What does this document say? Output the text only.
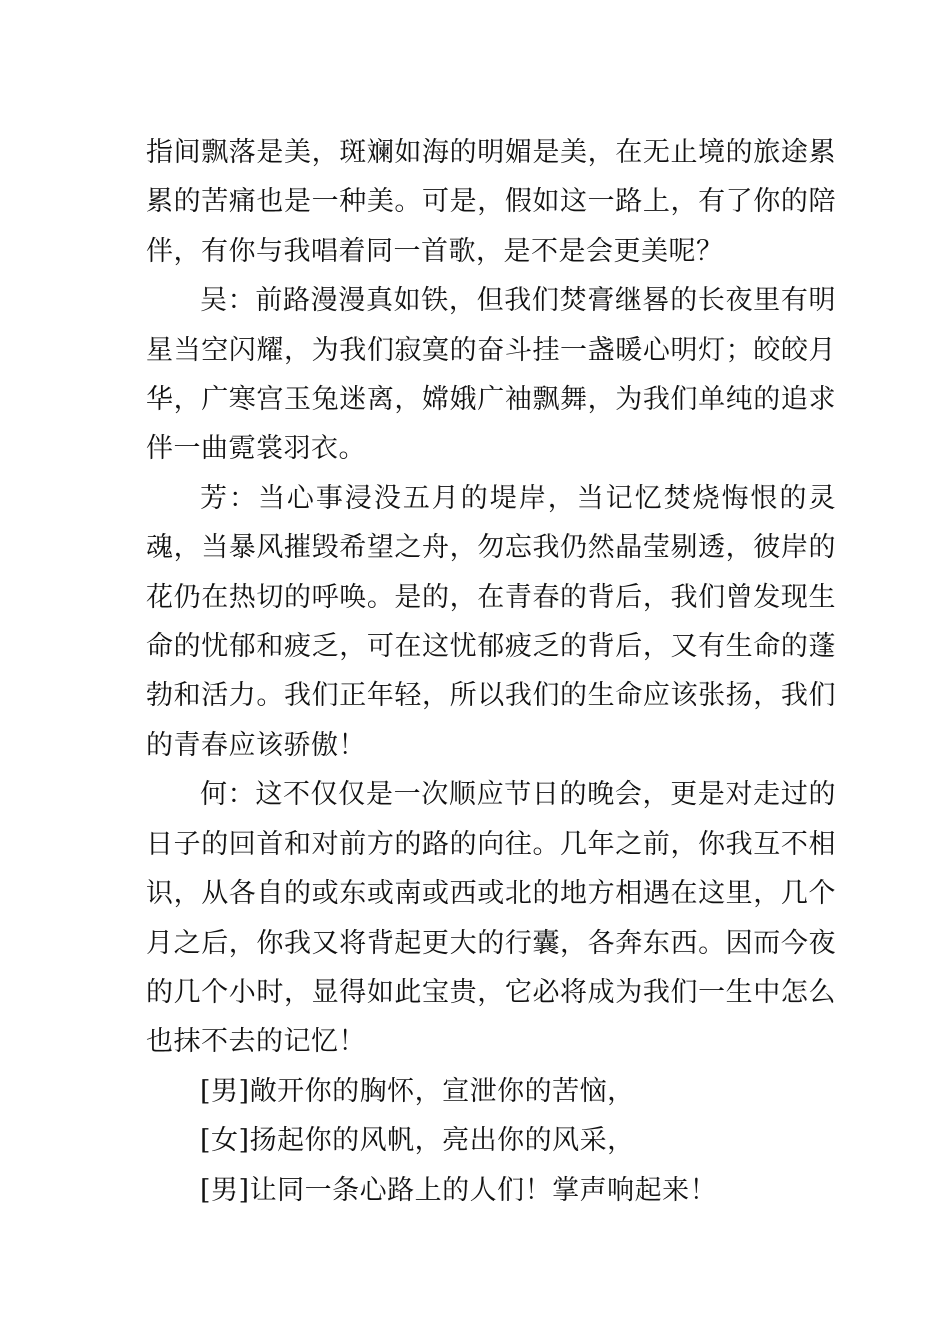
指间飘落是美，斑斓如海的明媚是美，在无止境的旅途累累的苦痛也是一种美。可是，假如这一路上，有了你的陪伴，有你与我唱着同一首歌，是不是会更美呢？

吴：前路漫漫真如铁，但我们焚膏继晷的长夜里有明星当空闪耀，为我们寂寞的奋斗挂一盏暖心明灯；皎皎月华，广寒宫玉兔迷离，嫦娥广袖飘舞，为我们单纯的追求伴一曲霓裳羽衣。

芳：当心事浸没五月的堤岸，当记忆焚烧悔恨的灵魂，当暴风摧毁希望之舟，勿忘我仍然晶莹剔透，彼岸的花仍在热切的呼唤。是的，在青春的背后，我们曾发现生命的忧郁和疲乏，可在这忧郁疲乏的背后，又有生命的蓬勃和活力。我们正年轻，所以我们的生命应该张扬，我们的青春应该骄傲！

何：这不仅仅是一次顺应节日的晚会，更是对走过的日子的回首和对前方的路的向往。几年之前，你我互不相识，从各自的或东或南或西或北的地方相遇在这里，几个月之后，你我又将背起更大的行囊，各奔东西。因而今夜的几个小时，显得如此宝贵，它必将成为我们一生中怎么也抹不去的记忆！

[男]敞开你的胸怀，宣泄你的苦恼，

[女]扬起你的风帆，亮出你的风采，

[男]让同一条心路上的人们！掌声响起来！
